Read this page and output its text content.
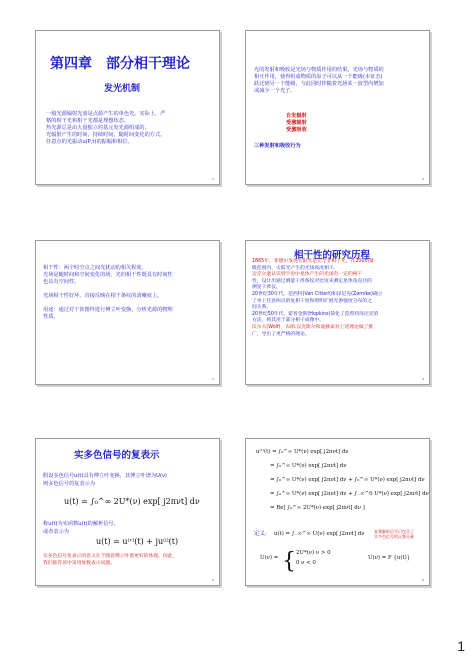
第四章　部分相干理论
发光机制
一般光源辐射光波是点源产生的单色光。实际上，严
格的相干光和相干光都是理想状态。
热光源总是由大量独立的基元发光源组成的。
光辐射产生的时间，持续时间，随时间变化的方式。
任意点的光振动u(P,t)的振幅和相位。
1
光的发射和吸收是光场与物质作用的结果。光场与物质的
相互作用，使得组成物质的原子可以从一个能级(本征态)
跃迁到另一个能级，与此同时伴随着光场某一波型内增加
或减少一个光子。
自发辐射
受激辐射
受激吸收
三种发射和吸收行为
2
相干性：两个时空点之间光扰动的相关程度。
光场是随时间和空间变化的场，光的相干性既具有时间性
也具有空间性。
光场相干性好坏，直接反映在相干条纹的清晰度上。
用途：通过对干涉图样进行傅立叶变换，分析光源的物理
性质。
3
相干性的研究历程
1865年，菲德尔发现太阳光是完全非相干光，在20um量
级范围内，太阳光产生的光场高度相干。
迈克尔逊认识到宇宙中星体产生的光场有一定的相干
性，设计出通过测量干涉条纹对比度来测定星体角直径的
测星干涉仪。
20世纪30年代，范西特(Van Cittert)和泽尼克(Zernike)确立
了单上任意两点的复相干度和照明扩展光源强度分布的之
间关系。
20世纪50年代，霍普金斯(Hopkins)简化了范希特泽尼克的
方法，将其用于部分相干成像中。
沃尔夫(Wolf)，布朗.汉克斯尔和迪赫泰对上述理论做了推
广，导出了更严格的理论。
4
实多色信号的复表示
假设多色信号u(t)具有傅立叶变换，其傅立叶谱为U(ν)
则多色信号的复表示为
u(t) = ∫₀^∞ 2U*(ν) exp[ j2πνt] dν
称u(t)为实函数u(t)的解析信号。
或者表示为
u(t) = u⁽ʳ⁾(t) + ju⁽ⁱ⁾(t)
实多色信号复表示的意义在于随意傅立叶谱更好的体现，因此，
我们推荐读中采用复数表示问题。
5
u⁽ʳ⁾(t) = ∫₀^∞ U*(ν) exp[ j2πνt] dν
= ∫₀^∞ U*(ν) exp[ j2πνt] dν
= ∫₀^∞ U*(ν) exp[ j2πνt] dν + ∫₀^∞ U*(ν) exp[ j2πνt] dν
= ∫₀^∞ U*(ν) exp[ j2πνt] dν + ∫₋∞^0 U*(ν) exp[ j2πνt] dν
= Re[ ∫₀^∞ 2U*(ν) exp[ j2πνt] dν ]
定义: u(t) = ∫₋∞^∞ U(ν) exp[ j2πνt] dν 复频解析信号只包含了
实多色信号的正频分量
U(ν) = { 2U*(ν) ν > 0
0 ν < 0
U(ν) = F {u(t)}
6
1
